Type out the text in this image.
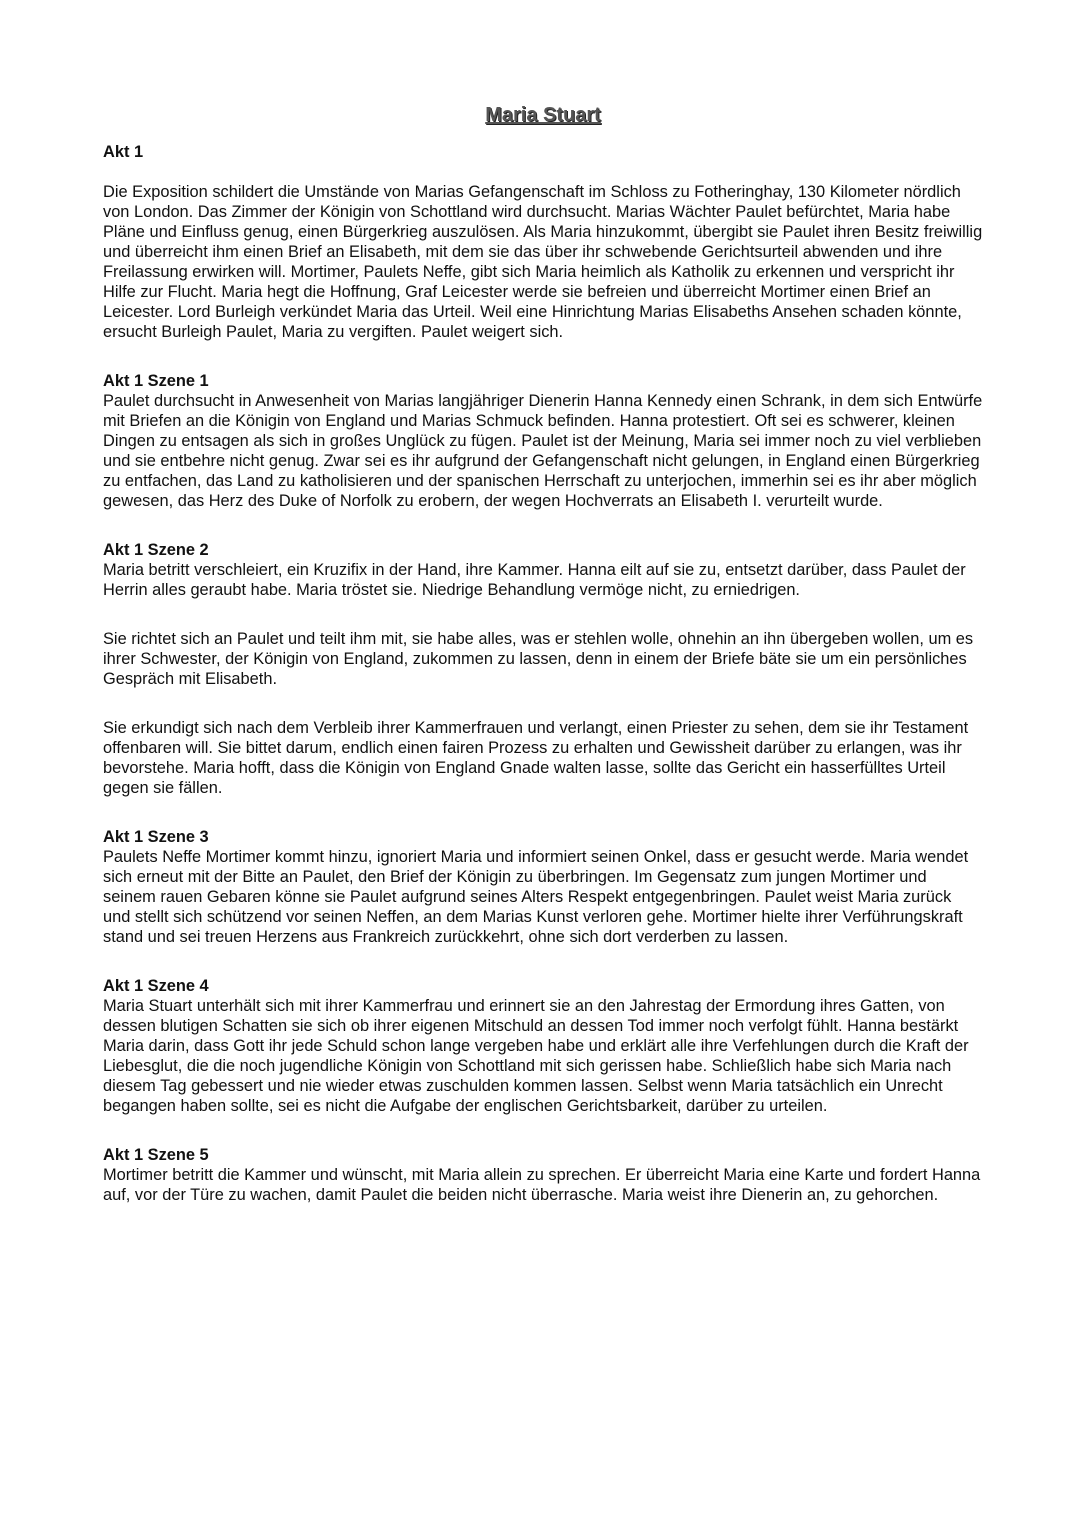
Maria Stuart
Akt 1

Die Exposition schildert die Umstände von Marias Gefangenschaft im Schloss zu Fotheringhay, 130 Kilometer nördlich von London. Das Zimmer der Königin von Schottland wird durchsucht. Marias Wächter Paulet befürchtet, Maria habe Pläne und Einfluss genug, einen Bürgerkrieg auszulösen. Als Maria hinzukommt, übergibt sie Paulet ihren Besitz freiwillig und überreicht ihm einen Brief an Elisabeth, mit dem sie das über ihr schwebende Gerichtsurteil abwenden und ihre Freilassung erwirken will. Mortimer, Paulets Neffe, gibt sich Maria heimlich als Katholik zu erkennen und verspricht ihr Hilfe zur Flucht. Maria hegt die Hoffnung, Graf Leicester werde sie befreien und überreicht Mortimer einen Brief an Leicester. Lord Burleigh verkündet Maria das Urteil. Weil eine Hinrichtung Marias Elisabeths Ansehen schaden könnte, ersucht Burleigh Paulet, Maria zu vergiften. Paulet weigert sich.

Akt 1 Szene 1

Paulet durchsucht in Anwesenheit von Marias langjähriger Dienerin Hanna Kennedy einen Schrank, in dem sich Entwürfe mit Briefen an die Königin von England und Marias Schmuck befinden. Hanna protestiert. Oft sei es schwerer, kleinen Dingen zu entsagen als sich in großes Unglück zu fügen. Paulet ist der Meinung, Maria sei immer noch zu viel verblieben und sie entbehre nicht genug. Zwar sei es ihr aufgrund der Gefangenschaft nicht gelungen, in England einen Bürgerkrieg zu entfachen, das Land zu katholisieren und der spanischen Herrschaft zu unterjochen, immerhin sei es ihr aber möglich gewesen, das Herz des Duke of Norfolk zu erobern, der wegen Hochverrats an Elisabeth I. verurteilt wurde.

Akt 1 Szene 2

Maria betritt verschleiert, ein Kruzifix in der Hand, ihre Kammer. Hanna eilt auf sie zu, entsetzt darüber, dass Paulet der Herrin alles geraubt habe. Maria tröstet sie. Niedrige Behandlung vermöge nicht, zu erniedrigen.

Sie richtet sich an Paulet und teilt ihm mit, sie habe alles, was er stehlen wolle, ohnehin an ihn übergeben wollen, um es ihrer Schwester, der Königin von England, zukommen zu lassen, denn in einem der Briefe bäte sie um ein persönliches Gespräch mit Elisabeth.

Sie erkundigt sich nach dem Verbleib ihrer Kammerfrauen und verlangt, einen Priester zu sehen, dem sie ihr Testament offenbaren will. Sie bittet darum, endlich einen fairen Prozess zu erhalten und Gewissheit darüber zu erlangen, was ihr bevorstehe. Maria hofft, dass die Königin von England Gnade walten lasse, sollte das Gericht ein hasserfülltes Urteil gegen sie fällen.

Akt 1 Szene 3

Paulets Neffe Mortimer kommt hinzu, ignoriert Maria und informiert seinen Onkel, dass er gesucht werde. Maria wendet sich erneut mit der Bitte an Paulet, den Brief der Königin zu überbringen. Im Gegensatz zum jungen Mortimer und seinem rauen Gebaren könne sie Paulet aufgrund seines Alters Respekt entgegenbringen. Paulet weist Maria zurück und stellt sich schützend vor seinen Neffen, an dem Marias Kunst verloren gehe. Mortimer hielte ihrer Verführungskraft stand und sei treuen Herzens aus Frankreich zurückkehrt, ohne sich dort verderben zu lassen.

Akt 1 Szene 4

Maria Stuart unterhält sich mit ihrer Kammerfrau und erinnert sie an den Jahrestag der Ermordung ihres Gatten, von dessen blutigen Schatten sie sich ob ihrer eigenen Mitschuld an dessen Tod immer noch verfolgt fühlt. Hanna bestärkt Maria darin, dass Gott ihr jede Schuld schon lange vergeben habe und erklärt alle ihre Verfehlungen durch die Kraft der Liebesglut, die die noch jugendliche Königin von Schottland mit sich gerissen habe. Schließlich habe sich Maria nach diesem Tag gebessert und nie wieder etwas zuschulden kommen lassen. Selbst wenn Maria tatsächlich ein Unrecht begangen haben sollte, sei es nicht die Aufgabe der englischen Gerichtsbarkeit, darüber zu urteilen.

Akt 1 Szene 5

Mortimer betritt die Kammer und wünscht, mit Maria allein zu sprechen. Er überreicht Maria eine Karte und fordert Hanna auf, vor der Türe zu wachen, damit Paulet die beiden nicht überrasche. Maria weist ihre Dienerin an, zu gehorchen.
